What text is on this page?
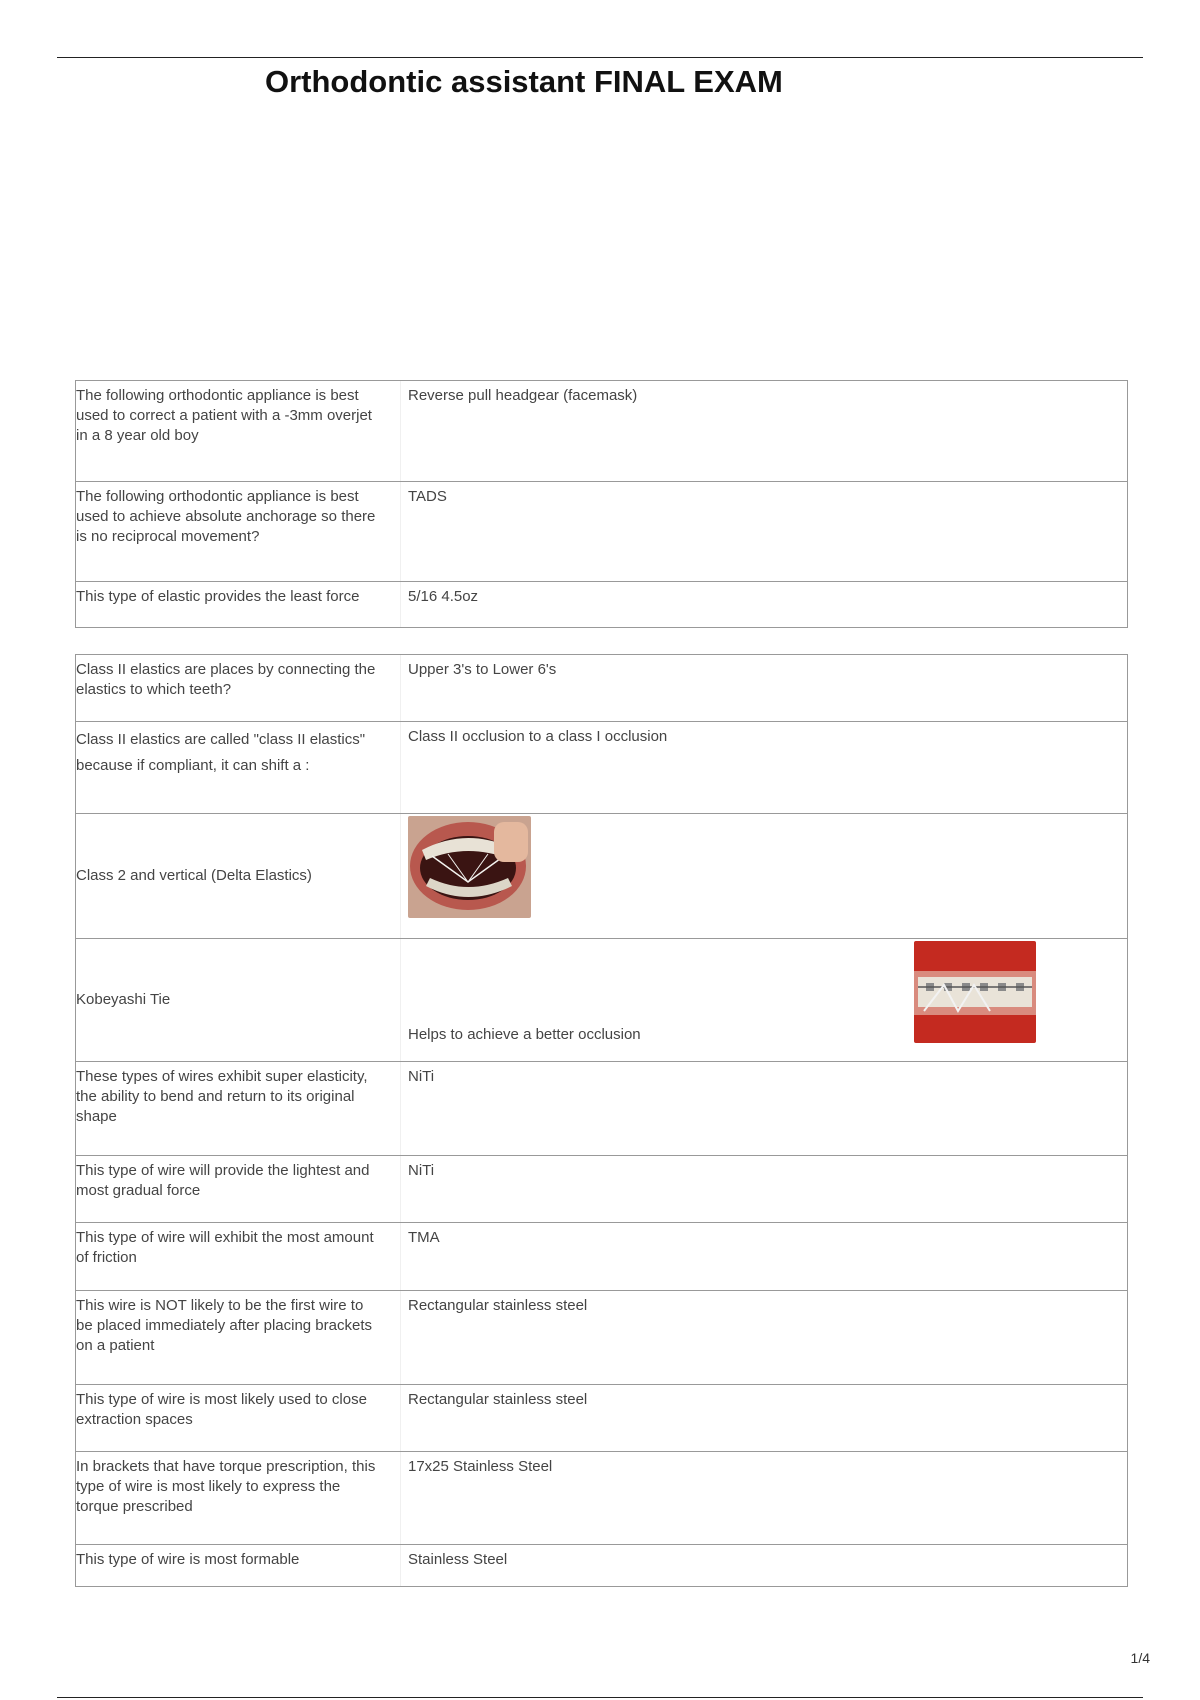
Orthodontic assistant FINAL EXAM
The following orthodontic appliance is best used to correct a patient with a -3mm overjet in a 8 year old boy	Reverse pull headgear (facemask)
The following orthodontic appliance is best used to achieve absolute anchorage so there is no reciprocal movement?	TADS
This type of elastic provides the least force	5/16 4.5oz
Class II elastics are places by connecting the elastics to which teeth?	Upper 3's to Lower 6's
Class II elastics are called "class II elastics" because if compliant, it can shift a :	Class II occlusion to a class I occlusion
Class 2 and vertical (Delta Elastics)	

Kobeyashi Tie	Helps to achieve a better occlusion

These types of wires exhibit super elasticity, the ability to bend and return to its original shape	NiTi
This type of wire will provide the lightest and most gradual force	NiTi
This type of wire will exhibit the most amount of friction	TMA
This wire is NOT likely to be the first wire to be placed immediately after placing brackets on a patient	Rectangular stainless steel
This type of wire is most likely used to close extraction spaces	Rectangular stainless steel
In brackets that have torque prescription, this type of wire is most likely to express the torque prescribed	17x25 Stainless Steel
This type of wire is most formable	Stainless Steel
1/4
